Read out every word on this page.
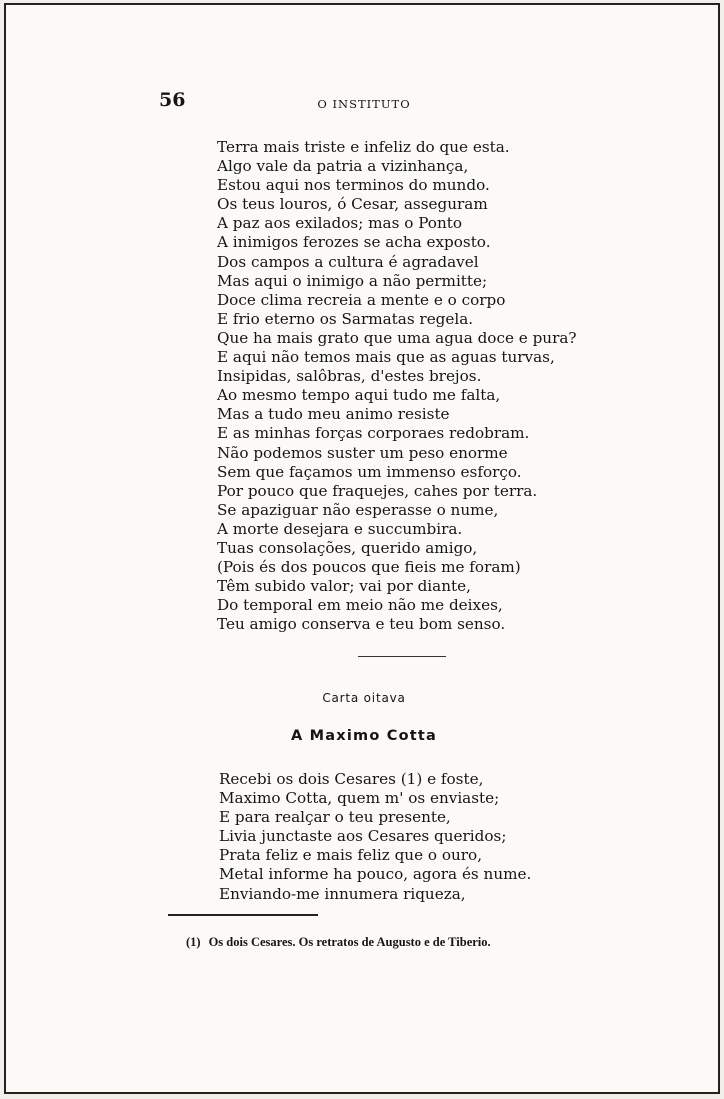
56	O INSTITUTO
Terra mais triste e infeliz do que esta.
Algo vale da patria a vizinhança,
Estou aqui nos terminos do mundo.
Os teus louros, ó Cesar, asseguram
A paz aos exilados; mas o Ponto
A inimigos ferozes se acha exposto.
Dos campos a cultura é agradavel
Mas aqui o inimigo a não permitte;
Doce clima recreia a mente e o corpo
E frio eterno os Sarmatas regela.
Que ha mais grato que uma agua doce e pura?
E aqui não temos mais que as aguas turvas,
Insipidas, salôbras, d'estes brejos.
Ao mesmo tempo aqui tudo me falta,
Mas a tudo meu animo resiste
E as minhas forças corporaes redobram.
Não podemos suster um peso enorme
Sem que façamos um immenso esforço.
Por pouco que fraquejes, cahes por terra.
Se apaziguar não esperasse o nume,
A morte desejara e succumbira.
Tuas consolações, querido amigo,
(Pois és dos poucos que fieis me foram)
Têm subido valor; vai por diante,
Do temporal em meio não me deixes,
Teu amigo conserva e teu bom senso.
Carta oitava
A Maximo Cotta
Recebi os dois Cesares (1) e foste,
Maximo Cotta, quem m' os enviaste;
E para realçar o teu presente,
Livia junctaste aos Cesares queridos;
Prata feliz e mais feliz que o ouro,
Metal informe ha pouco, agora és nume.
Enviando-me innumera riqueza,
(1) Os dois Cesares. Os retratos de Augusto e de Tiberio.
